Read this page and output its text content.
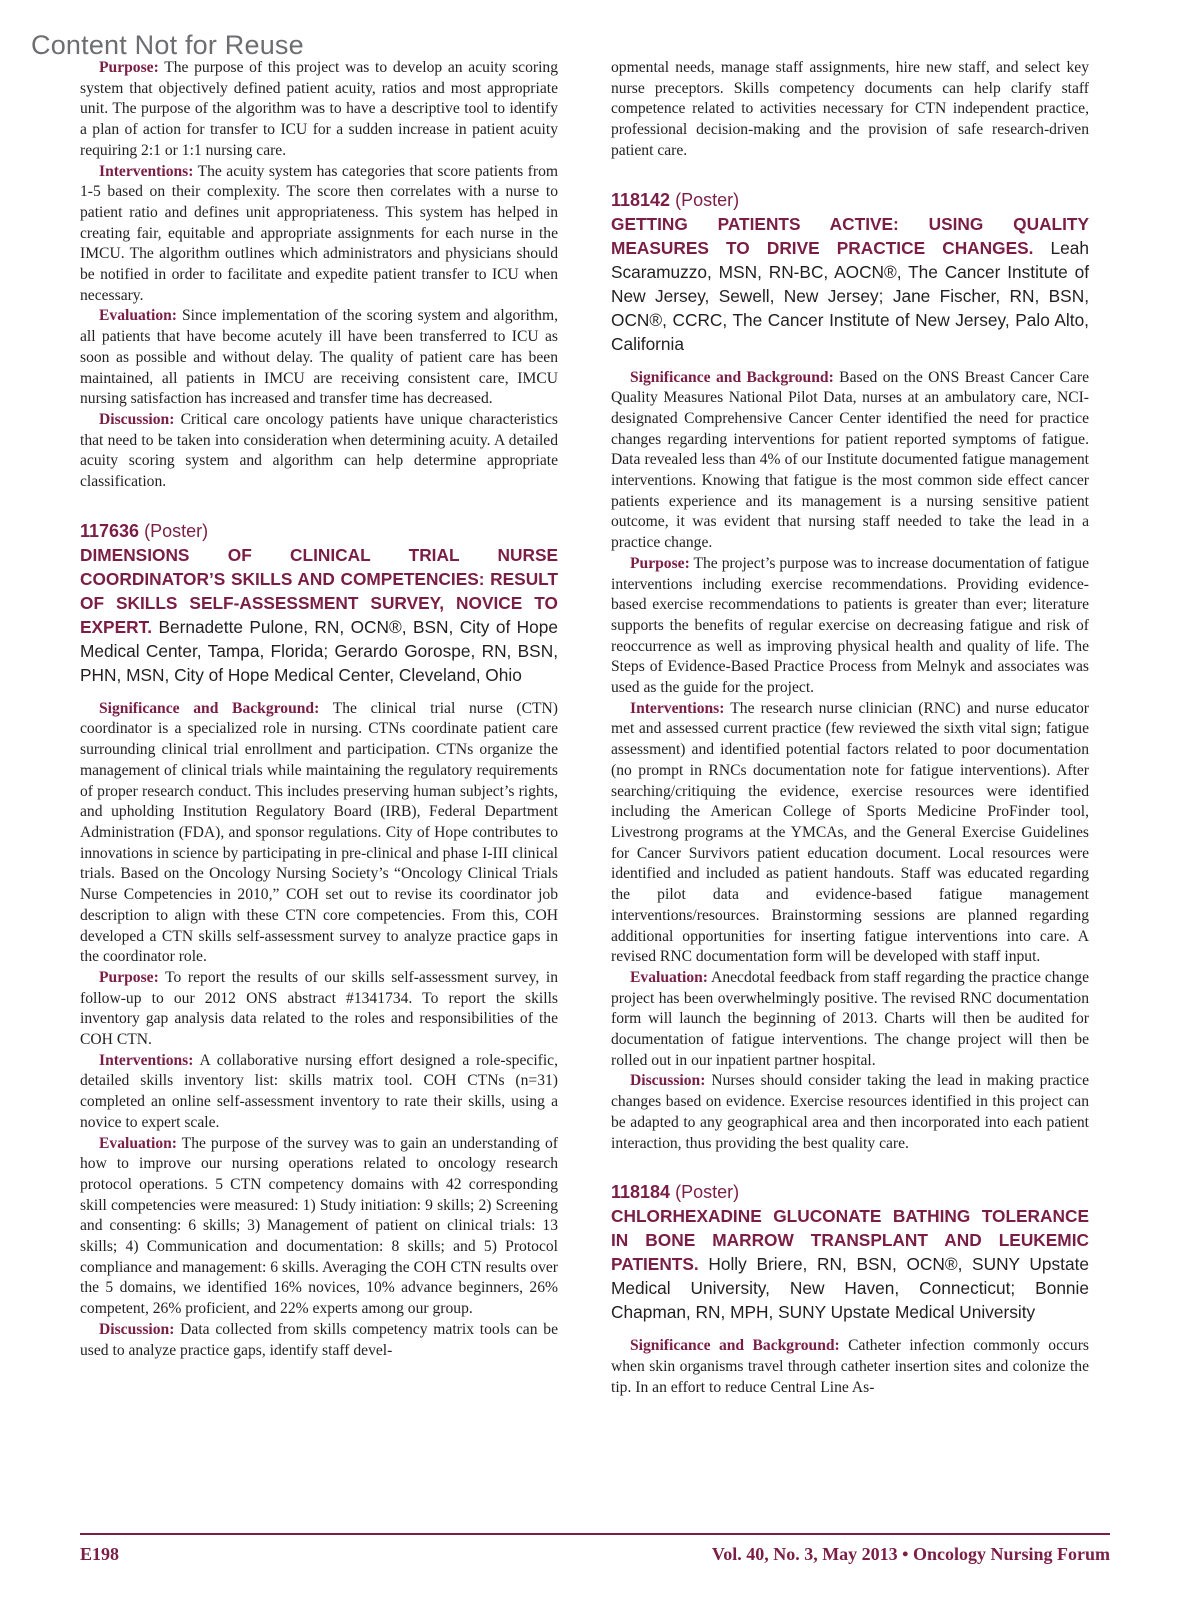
Content Not for Reuse

Purpose: The purpose of this project was to develop an acuity scoring system that objectively defined patient acuity, ratios and most appropriate unit. The purpose of the algorithm was to have a descriptive tool to identify a plan of action for transfer to ICU for a sudden increase in patient acuity requiring 2:1 or 1:1 nursing care.

Interventions: The acuity system has categories that score patients from 1-5 based on their complexity. The score then correlates with a nurse to patient ratio and defines unit appropriateness. This system has helped in creating fair, equitable and appropriate assignments for each nurse in the IMCU. The algorithm outlines which administrators and physicians should be notified in order to facilitate and expedite patient transfer to ICU when necessary.

Evaluation: Since implementation of the scoring system and algorithm, all patients that have become acutely ill have been transferred to ICU as soon as possible and without delay. The quality of patient care has been maintained, all patients in IMCU are receiving consistent care, IMCU nursing satisfaction has increased and transfer time has decreased.

Discussion: Critical care oncology patients have unique characteristics that need to be taken into consideration when determining acuity. A detailed acuity scoring system and algorithm can help determine appropriate classification.

117636 (Poster)

DIMENSIONS OF CLINICAL TRIAL NURSE COORDINATOR’S SKILLS AND COMPETENCIES: RESULT OF SKILLS SELF-ASSESSMENT SURVEY, NOVICE TO EXPERT. Bernadette Pulone, RN, OCN®, BSN, City of Hope Medical Center, Tampa, Florida; Gerardo Gorospe, RN, BSN, PHN, MSN, City of Hope Medical Center, Cleveland, Ohio

Significance and Background: The clinical trial nurse (CTN) coordinator is a specialized role in nursing. CTNs coordinate patient care surrounding clinical trial enrollment and participation. CTNs organize the management of clinical trials while maintaining the regulatory requirements of proper research conduct. This includes preserving human subject’s rights, and upholding Institution Regulatory Board (IRB), Federal Department Administration (FDA), and sponsor regulations. City of Hope contributes to innovations in science by participating in pre-clinical and phase I-III clinical trials. Based on the Oncology Nursing Society’s “Oncology Clinical Trials Nurse Competencies in 2010,” COH set out to revise its coordinator job description to align with these CTN core competencies. From this, COH developed a CTN skills self-assessment survey to analyze practice gaps in the coordinator role.

Purpose: To report the results of our skills self-assessment survey, in follow-up to our 2012 ONS abstract #1341734. To report the skills inventory gap analysis data related to the roles and responsibilities of the COH CTN.

Interventions: A collaborative nursing effort designed a role-specific, detailed skills inventory list: skills matrix tool. COH CTNs (n=31) completed an online self-assessment inventory to rate their skills, using a novice to expert scale.

Evaluation: The purpose of the survey was to gain an understanding of how to improve our nursing operations related to oncology research protocol operations. 5 CTN competency domains with 42 corresponding skill competencies were measured: 1) Study initiation: 9 skills; 2) Screening and consenting: 6 skills; 3) Management of patient on clinical trials: 13 skills; 4) Communication and documentation: 8 skills; and 5) Protocol compliance and management: 6 skills. Averaging the COH CTN results over the 5 domains, we identified 16% novices, 10% advance beginners, 26% competent, 26% proficient, and 22% experts among our group.

Discussion: Data collected from skills competency matrix tools can be used to analyze practice gaps, identify staff devel-

opmental needs, manage staff assignments, hire new staff, and select key nurse preceptors. Skills competency documents can help clarify staff competence related to activities necessary for CTN independent practice, professional decision-making and the provision of safe research-driven patient care.

118142 (Poster)

GETTING PATIENTS ACTIVE: USING QUALITY MEASURES TO DRIVE PRACTICE CHANGES. Leah Scaramuzzo, MSN, RN-BC, AOCN®, The Cancer Institute of New Jersey, Sewell, New Jersey; Jane Fischer, RN, BSN, OCN®, CCRC, The Cancer Institute of New Jersey, Palo Alto, California

Significance and Background: Based on the ONS Breast Cancer Care Quality Measures National Pilot Data, nurses at an ambulatory care, NCI-designated Comprehensive Cancer Center identified the need for practice changes regarding interventions for patient reported symptoms of fatigue. Data revealed less than 4% of our Institute documented fatigue management interventions. Knowing that fatigue is the most common side effect cancer patients experience and its management is a nursing sensitive patient outcome, it was evident that nursing staff needed to take the lead in a practice change.

Purpose: The project’s purpose was to increase documentation of fatigue interventions including exercise recommendations. Providing evidence-based exercise recommendations to patients is greater than ever; literature supports the benefits of regular exercise on decreasing fatigue and risk of reoccurrence as well as improving physical health and quality of life. The Steps of Evidence-Based Practice Process from Melnyk and associates was used as the guide for the project.

Interventions: The research nurse clinician (RNC) and nurse educator met and assessed current practice (few reviewed the sixth vital sign; fatigue assessment) and identified potential factors related to poor documentation (no prompt in RNCs documentation note for fatigue interventions). After searching/critiquing the evidence, exercise resources were identified including the American College of Sports Medicine ProFinder tool, Livestrong programs at the YMCAs, and the General Exercise Guidelines for Cancer Survivors patient education document. Local resources were identified and included as patient handouts. Staff was educated regarding the pilot data and evidence-based fatigue management interventions/resources. Brainstorming sessions are planned regarding additional opportunities for inserting fatigue interventions into care. A revised RNC documentation form will be developed with staff input.

Evaluation: Anecdotal feedback from staff regarding the practice change project has been overwhelmingly positive. The revised RNC documentation form will launch the beginning of 2013. Charts will then be audited for documentation of fatigue interventions. The change project will then be rolled out in our inpatient partner hospital.

Discussion: Nurses should consider taking the lead in making practice changes based on evidence. Exercise resources identified in this project can be adapted to any geographical area and then incorporated into each patient interaction, thus providing the best quality care.

118184 (Poster)

CHLORHEXADINE GLUCONATE BATHING TOLERANCE IN BONE MARROW TRANSPLANT AND LEUKEMIC PATIENTS. Holly Briere, RN, BSN, OCN®, SUNY Upstate Medical University, New Haven, Connecticut; Bonnie Chapman, RN, MPH, SUNY Upstate Medical University

Significance and Background: Catheter infection commonly occurs when skin organisms travel through catheter insertion sites and colonize the tip. In an effort to reduce Central Line As-

E198	Vol. 40, No. 3, May 2013 • Oncology Nursing Forum
